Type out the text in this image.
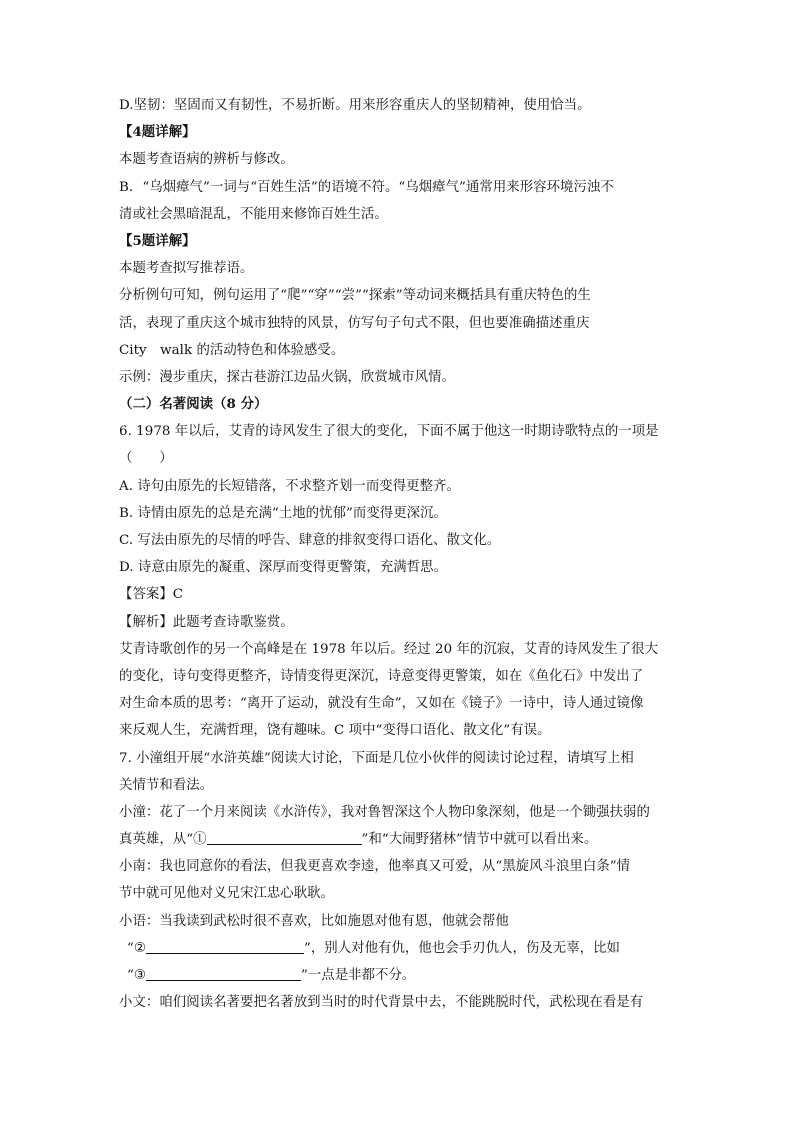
D.坚韧：坚固而又有韧性，不易折断。用来形容重庆人的坚韧精神，使用恰当。
【4题详解】
本题考查语病的辨析与修改。
B．“乌烟瘴气”一词与“百姓生活”的语境不符。“乌烟瘴气”通常用来形容环境污浊不
清或社会黑暗混乱，不能用来修饰百姓生活。
【5题详解】
本题考查拟写推荐语。
分析例句可知，例句运用了“爬”“穿”“尝”“探索”等动词来概括具有重庆特色的生
活，表现了重庆这个城市独特的风景，仿写句子句式不限，但也要准确描述重庆
City　walk 的活动特色和体验感受。
示例：漫步重庆，探古巷游江边品火锅，欣赏城市风情。
（二）名著阅读（8 分）
6. 1978 年以后，艾青的诗风发生了很大的变化，下面不属于他这一时期诗歌特点的一项是
（　　）
A. 诗句由原先的长短错落，不求整齐划一而变得更整齐。
B. 诗情由原先的总是充满“土地的忧郁”而变得更深沉。
C. 写法由原先的尽情的呼告、肆意的排叙变得口语化、散文化。
D. 诗意由原先的凝重、深厚而变得更警策，充满哲思。
【答案】C
【解析】此题考查诗歌鉴赏。
艾青诗歌创作的另一个高峰是在 1978 年以后。经过 20 年的沉寂，艾青的诗风发生了很大
的变化，诗句变得更整齐，诗情变得更深沉，诗意变得更警策，如在《鱼化石》中发出了
对生命本质的思考：“离开了运动，就没有生命”，又如在《镜子》一诗中，诗人通过镜像
来反观人生，充满哲理，饶有趣味。C 项中“变得口语化、散文化”有误。
7. 小潼组开展“水浒英雄”阅读大讨论，下面是几位小伙伴的阅读讨论过程，请填写上相
关情节和看法。
小潼：花了一个月来阅读《水浒传》，我对鲁智深这个人物印象深刻，他是一个锄强扶弱的
真英雄，从“①	”和“大闹野猪林”情节中就可以看出来。
小南：我也同意你的看法，但我更喜欢李逵，他率真又可爱，从“黑旋风斗浪里白条”情
节中就可见他对义兄宋江忠心耿耿。
小语：当我读到武松时很不喜欢，比如施恩对他有恩，他就会帮他
“②	”，别人对他有仇，他也会手刃仇人，伤及无辜，比如
“③	”一点是非都不分。
小文：咱们阅读名著要把名著放到当时的时代背景中去，不能跳脱时代，武松现在看是有
